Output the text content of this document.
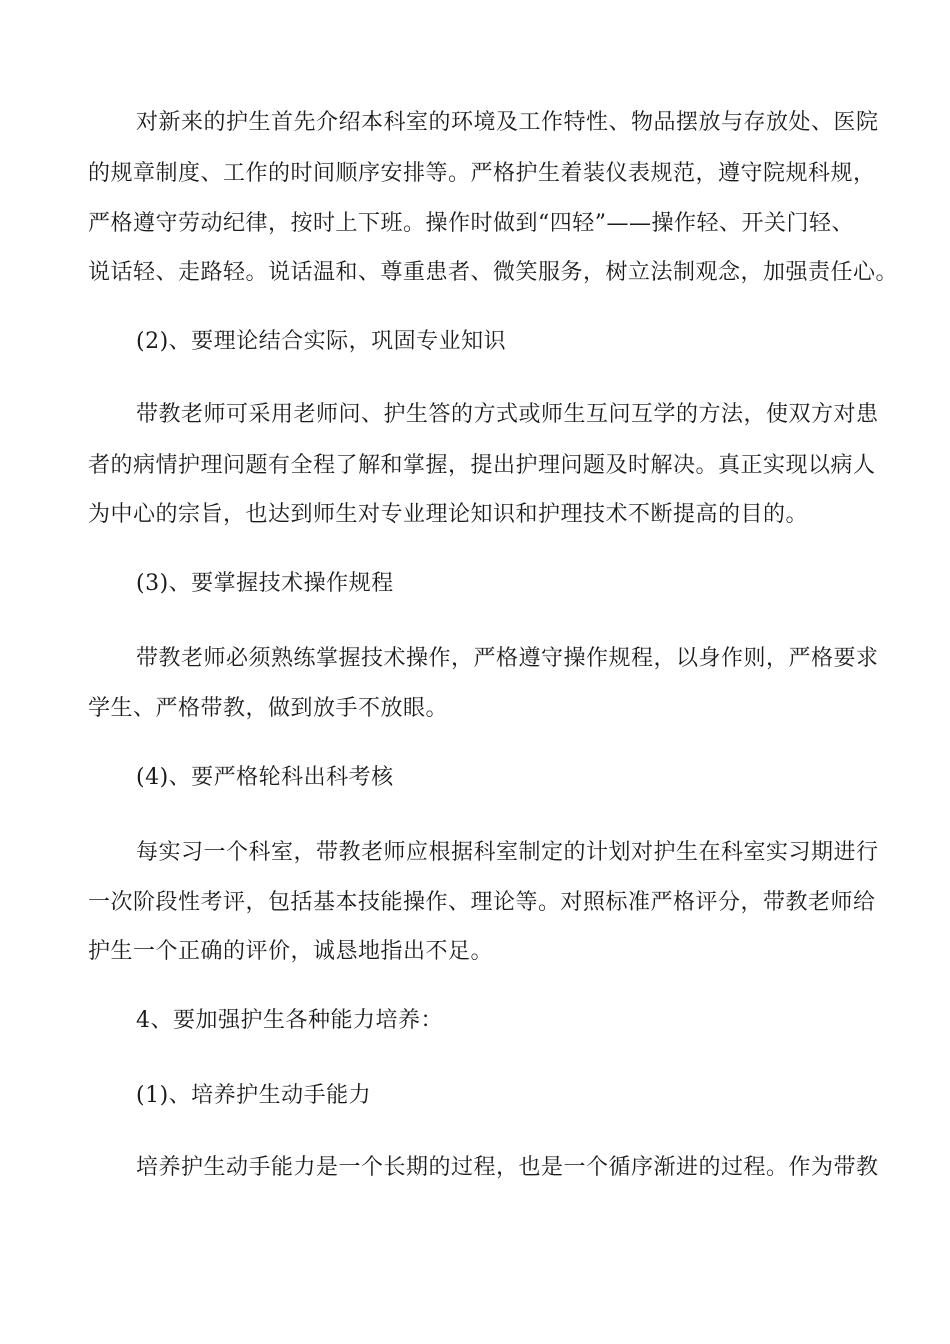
对新来的护生首先介绍本科室的环境及工作特性、物品摆放与存放处、医院
的规章制度、工作的时间顺序安排等。严格护生着装仪表规范，遵守院规科规，
严格遵守劳动纪律，按时上下班。操作时做到“四轻”——操作轻、开关门轻、
说话轻、走路轻。说话温和、尊重患者、微笑服务，树立法制观念，加强责任心。
(2)、要理论结合实际，巩固专业知识
带教老师可采用老师问、护生答的方式或师生互问互学的方法，使双方对患
者的病情护理问题有全程了解和掌握，提出护理问题及时解决。真正实现以病人
为中心的宗旨，也达到师生对专业理论知识和护理技术不断提高的目的。
(3)、要掌握技术操作规程
带教老师必须熟练掌握技术操作，严格遵守操作规程，以身作则，严格要求
学生、严格带教，做到放手不放眼。
(4)、要严格轮科出科考核
每实习一个科室，带教老师应根据科室制定的计划对护生在科室实习期进行
一次阶段性考评，包括基本技能操作、理论等。对照标准严格评分，带教老师给
护生一个正确的评价，诚恳地指出不足。
4、要加强护生各种能力培养：
(1)、培养护生动手能力
培养护生动手能力是一个长期的过程，也是一个循序渐进的过程。作为带教
